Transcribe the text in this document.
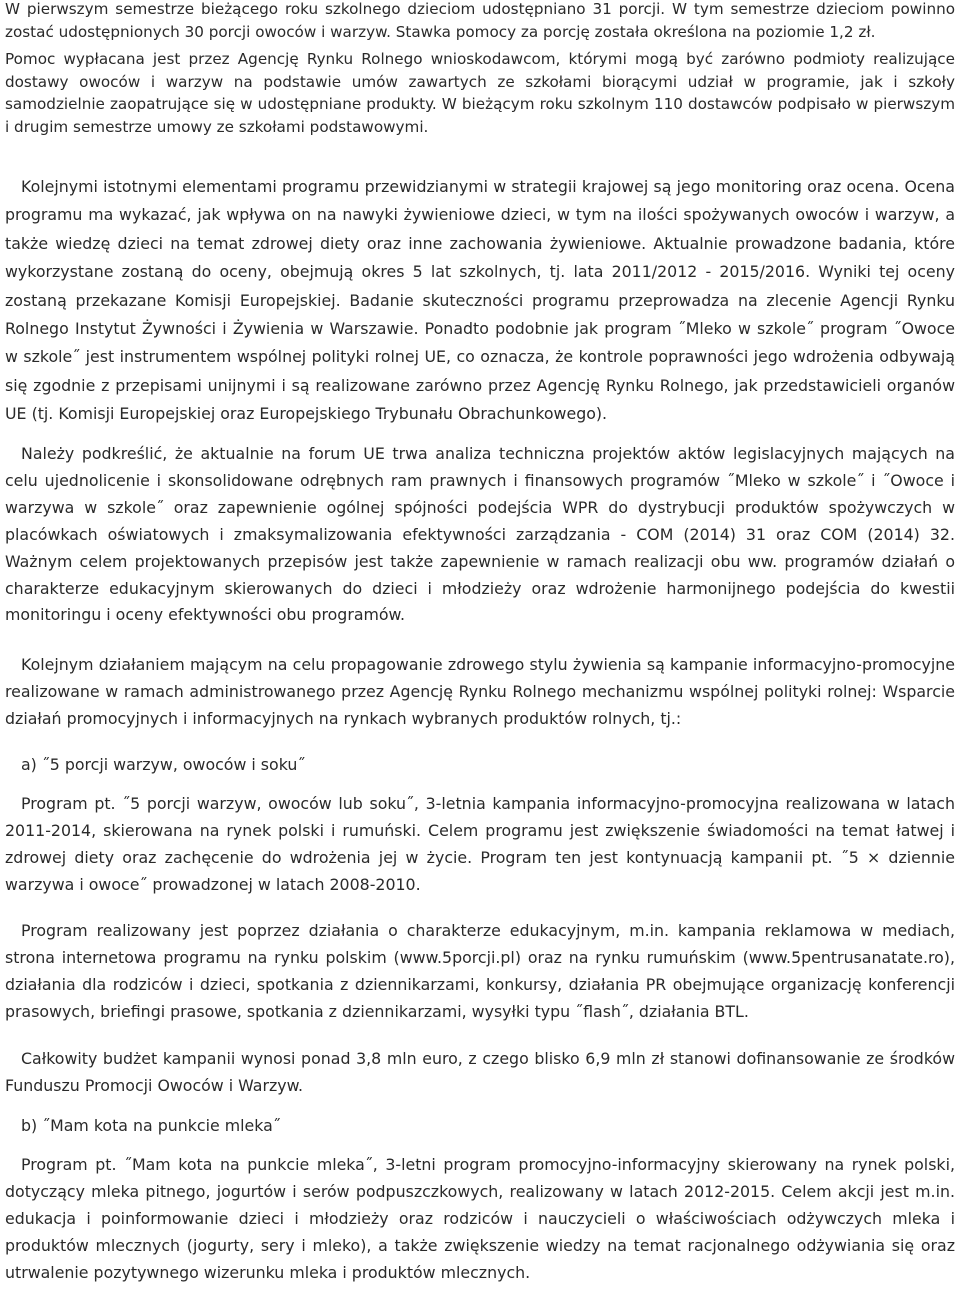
W pierwszym semestrze bieżącego roku szkolnego dzieciom udostępniano 31 porcji. W tym semestrze dzieciom powinno zostać udostępnionych 30 porcji owoców i warzyw. Stawka pomocy za porcję została określona na poziomie 1,2 zł.

Pomoc wypłacana jest przez Agencję Rynku Rolnego wnioskodawcom, którymi mogą być zarówno podmioty realizujące dostawy owoców i warzyw na podstawie umów zawartych ze szkołami biorącymi udział w programie, jak i szkoły samodzielnie zaopatrujące się w udostępniane produkty. W bieżącym roku szkolnym 110 dostawców podpisało w pierwszym i drugim semestrze umowy ze szkołami podstawowymi.

Kolejnymi istotnymi elementami programu przewidzianymi w strategii krajowej są jego monitoring oraz ocena. Ocena programu ma wykazać, jak wpływa on na nawyki żywieniowe dzieci, w tym na ilości spożywanych owoców i warzyw, a także wiedzę dzieci na temat zdrowej diety oraz inne zachowania żywieniowe. Aktualnie prowadzone badania, które wykorzystane zostaną do oceny, obejmują okres 5 lat szkolnych, tj. lata 2011/2012 - 2015/2016. Wyniki tej oceny zostaną przekazane Komisji Europejskiej. Badanie skuteczności programu przeprowadza na zlecenie Agencji Rynku Rolnego Instytut Żywności i Żywienia w Warszawie. Ponadto podobnie jak program ˝Mleko w szkole˝ program ˝Owoce w szkole˝ jest instrumentem wspólnej polityki rolnej UE, co oznacza, że kontrole poprawności jego wdrożenia odbywają się zgodnie z przepisami unijnymi i są realizowane zarówno przez Agencję Rynku Rolnego, jak przedstawicieli organów UE (tj. Komisji Europejskiej oraz Europejskiego Trybunału Obrachunkowego).

Należy podkreślić, że aktualnie na forum UE trwa analiza techniczna projektów aktów legislacyjnych mających na celu ujednolicenie i skonsolidowane odrębnych ram prawnych i finansowych programów ˝Mleko w szkole˝ i ˝Owoce i warzywa w szkole˝ oraz zapewnienie ogólnej spójności podejścia WPR do dystrybucji produktów spożywczych w placówkach oświatowych i zmaksymalizowania efektywności zarządzania - COM (2014) 31 oraz COM (2014) 32. Ważnym celem projektowanych przepisów jest także zapewnienie w ramach realizacji obu ww. programów działań o charakterze edukacyjnym skierowanych do dzieci i młodzieży oraz wdrożenie harmonijnego podejścia do kwestii monitoringu i oceny efektywności obu programów.

Kolejnym działaniem mającym na celu propagowanie zdrowego stylu żywienia są kampanie informacyjno-promocyjne realizowane w ramach administrowanego przez Agencję Rynku Rolnego mechanizmu wspólnej polityki rolnej: Wsparcie działań promocyjnych i informacyjnych na rynkach wybranych produktów rolnych, tj.:

a) ˝5 porcji warzyw, owoców i soku˝

Program pt. ˝5 porcji warzyw, owoców lub soku˝, 3-letnia kampania informacyjno-promocyjna realizowana w latach 2011-2014, skierowana na rynek polski i rumuński. Celem programu jest zwiększenie świadomości na temat łatwej i zdrowej diety oraz zachęcenie do wdrożenia jej w życie. Program ten jest kontynuacją kampanii pt. ˝5 × dziennie warzywa i owoce˝ prowadzonej w latach 2008-2010.

Program realizowany jest poprzez działania o charakterze edukacyjnym, m.in. kampania reklamowa w mediach, strona internetowa programu na rynku polskim (www.5porcji.pl) oraz na rynku rumuńskim (www.5pentrusanatate.ro), działania dla rodziców i dzieci, spotkania z dziennikarzami, konkursy, działania PR obejmujące organizację konferencji prasowych, briefingi prasowe, spotkania z dziennikarzami, wysyłki typu ˝flash˝, działania BTL.

Całkowity budżet kampanii wynosi ponad 3,8 mln euro, z czego blisko 6,9 mln zł stanowi dofinansowanie ze środków Funduszu Promocji Owoców i Warzyw.

b) ˝Mam kota na punkcie mleka˝

Program pt. ˝Mam kota na punkcie mleka˝, 3-letni program promocyjno-informacyjny skierowany na rynek polski, dotyczący mleka pitnego, jogurtów i serów podpuszczkowych, realizowany w latach 2012-2015. Celem akcji jest m.in. edukacja i poinformowanie dzieci i młodzieży oraz rodziców i nauczycieli o właściwościach odżywczych mleka i produktów mlecznych (jogurty, sery i mleko), a także zwiększenie wiedzy na temat racjonalnego odżywiania się oraz utrwalenie pozytywnego wizerunku mleka i produktów mlecznych.
